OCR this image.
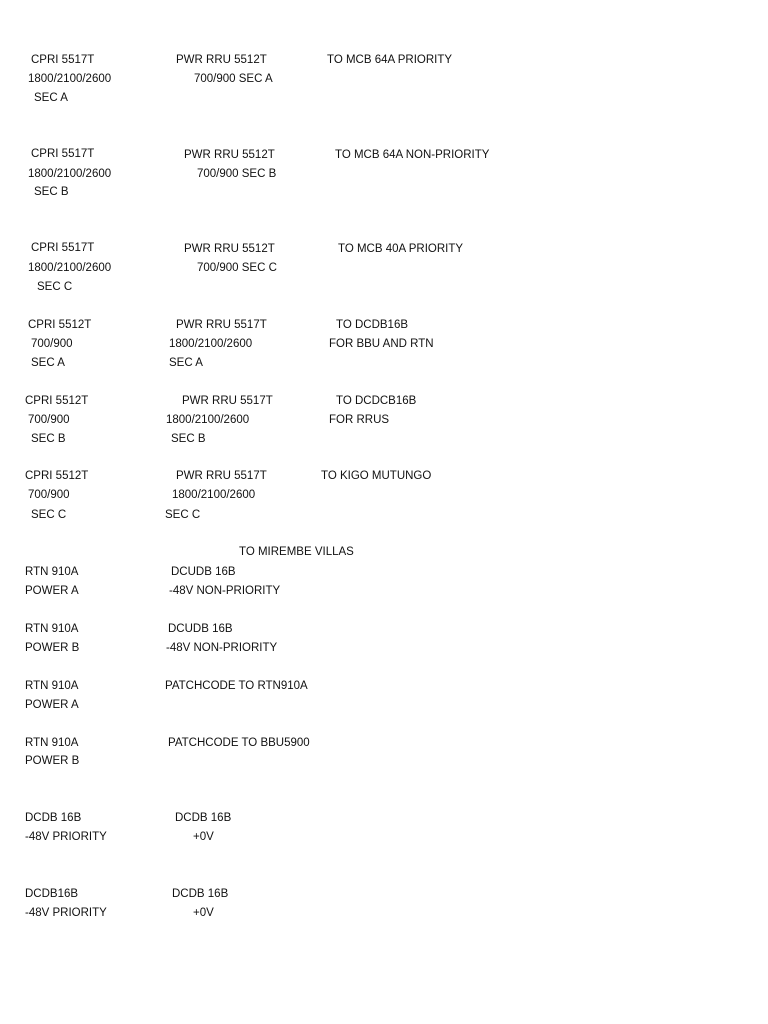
CPRI 5517T
1800/2100/2600
SEC A
PWR RRU 5512T
700/900 SEC A
TO MCB 64A PRIORITY
CPRI 5517T
1800/2100/2600
SEC B
PWR RRU 5512T
700/900 SEC B
TO MCB 64A NON-PRIORITY
CPRI 5517T
1800/2100/2600
SEC C
PWR RRU 5512T
700/900 SEC C
TO MCB 40A PRIORITY
CPRI 5512T
700/900
SEC A
PWR RRU 5517T
1800/2100/2600
SEC A
TO DCDB16B
FOR BBU AND RTN
CPRI 5512T
700/900
SEC B
PWR RRU 5517T
1800/2100/2600
SEC B
TO DCDCB16B
FOR RRUS
CPRI 5512T
700/900
SEC C
PWR RRU 5517T
1800/2100/2600
SEC C
TO KIGO MUTUNGO
TO MIREMBE VILLAS
RTN 910A
POWER A
DCUDB 16B
-48V NON-PRIORITY
RTN 910A
POWER B
DCUDB 16B
-48V NON-PRIORITY
RTN 910A
POWER A
PATCHCODE TO RTN910A
RTN 910A
POWER B
PATCHCODE TO BBU5900
DCDB 16B
-48V PRIORITY
DCDB 16B
+0V
DCDB16B
-48V PRIORITY
DCDB 16B
+0V
